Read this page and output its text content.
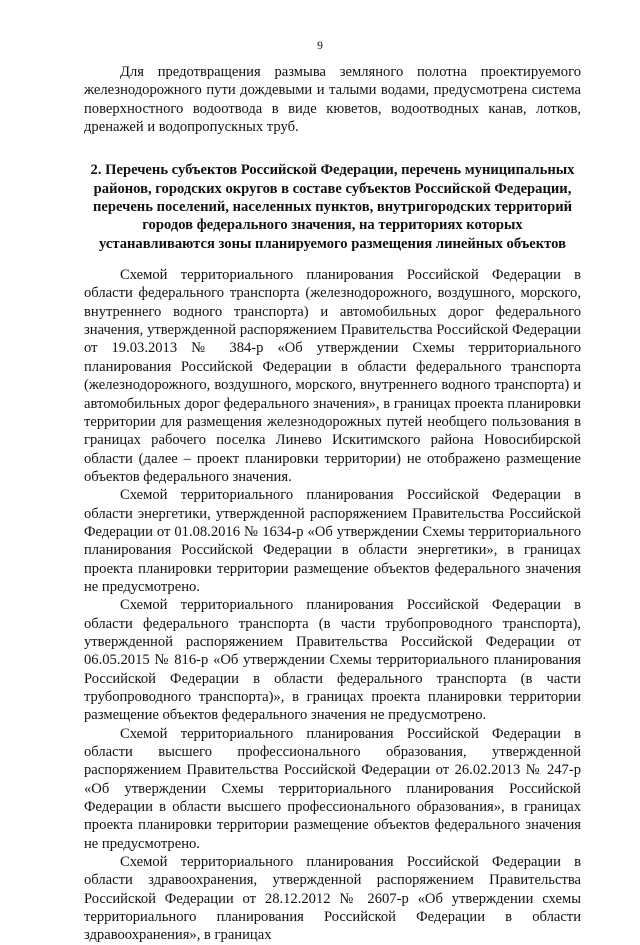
9

Для предотвращения размыва земляного полотна проектируемого железнодорожного пути дождевыми и талыми водами, предусмотрена система поверхностного водоотвода в виде кюветов, водоотводных канав, лотков, дренажей и водопропускных труб.

2. Перечень субъектов Российской Федерации, перечень муниципальных районов, городских округов в составе субъектов Российской Федерации, перечень поселений, населенных пунктов, внутригородских территорий городов федерального значения, на территориях которых устанавливаются зоны планируемого размещения линейных объектов

Схемой территориального планирования Российской Федерации в области федерального транспорта (железнодорожного, воздушного, морского, внутреннего водного транспорта) и автомобильных дорог федерального значения, утвержденной распоряжением Правительства Российской Федерации от 19.03.2013 № 384-р «Об утверждении Схемы территориального планирования Российской Федерации в области федерального транспорта (железнодорожного, воздушного, морского, внутреннего водного транспорта) и автомобильных дорог федерального значения», в границах проекта планировки территории для размещения железнодорожных путей необщего пользования в границах рабочего поселка Линево Искитимского района Новосибирской области (далее – проект планировки территории) не отображено размещение объектов федерального значения.

Схемой территориального планирования Российской Федерации в области энергетики, утвержденной распоряжением Правительства Российской Федерации от 01.08.2016 № 1634-р «Об утверждении Схемы территориального планирования Российской Федерации в области энергетики», в границах проекта планировки территории размещение объектов федерального значения не предусмотрено.

Схемой территориального планирования Российской Федерации в области федерального транспорта (в части трубопроводного транспорта), утвержденной распоряжением Правительства Российской Федерации от 06.05.2015 № 816-р «Об утверждении Схемы территориального планирования Российской Федерации в области федерального транспорта (в части трубопроводного транспорта)», в границах проекта планировки территории размещение объектов федерального значения не предусмотрено.

Схемой территориального планирования Российской Федерации в области высшего профессионального образования, утвержденной распоряжением Правительства Российской Федерации от 26.02.2013 № 247-р «Об утверждении Схемы территориального планирования Российской Федерации в области высшего профессионального образования», в границах проекта планировки территории размещение объектов федерального значения не предусмотрено.

Схемой территориального планирования Российской Федерации в области здравоохранения, утвержденной распоряжением Правительства Российской Федерации от 28.12.2012 № 2607-р «Об утверждении схемы территориального планирования Российской Федерации в области здравоохранения», в границах
